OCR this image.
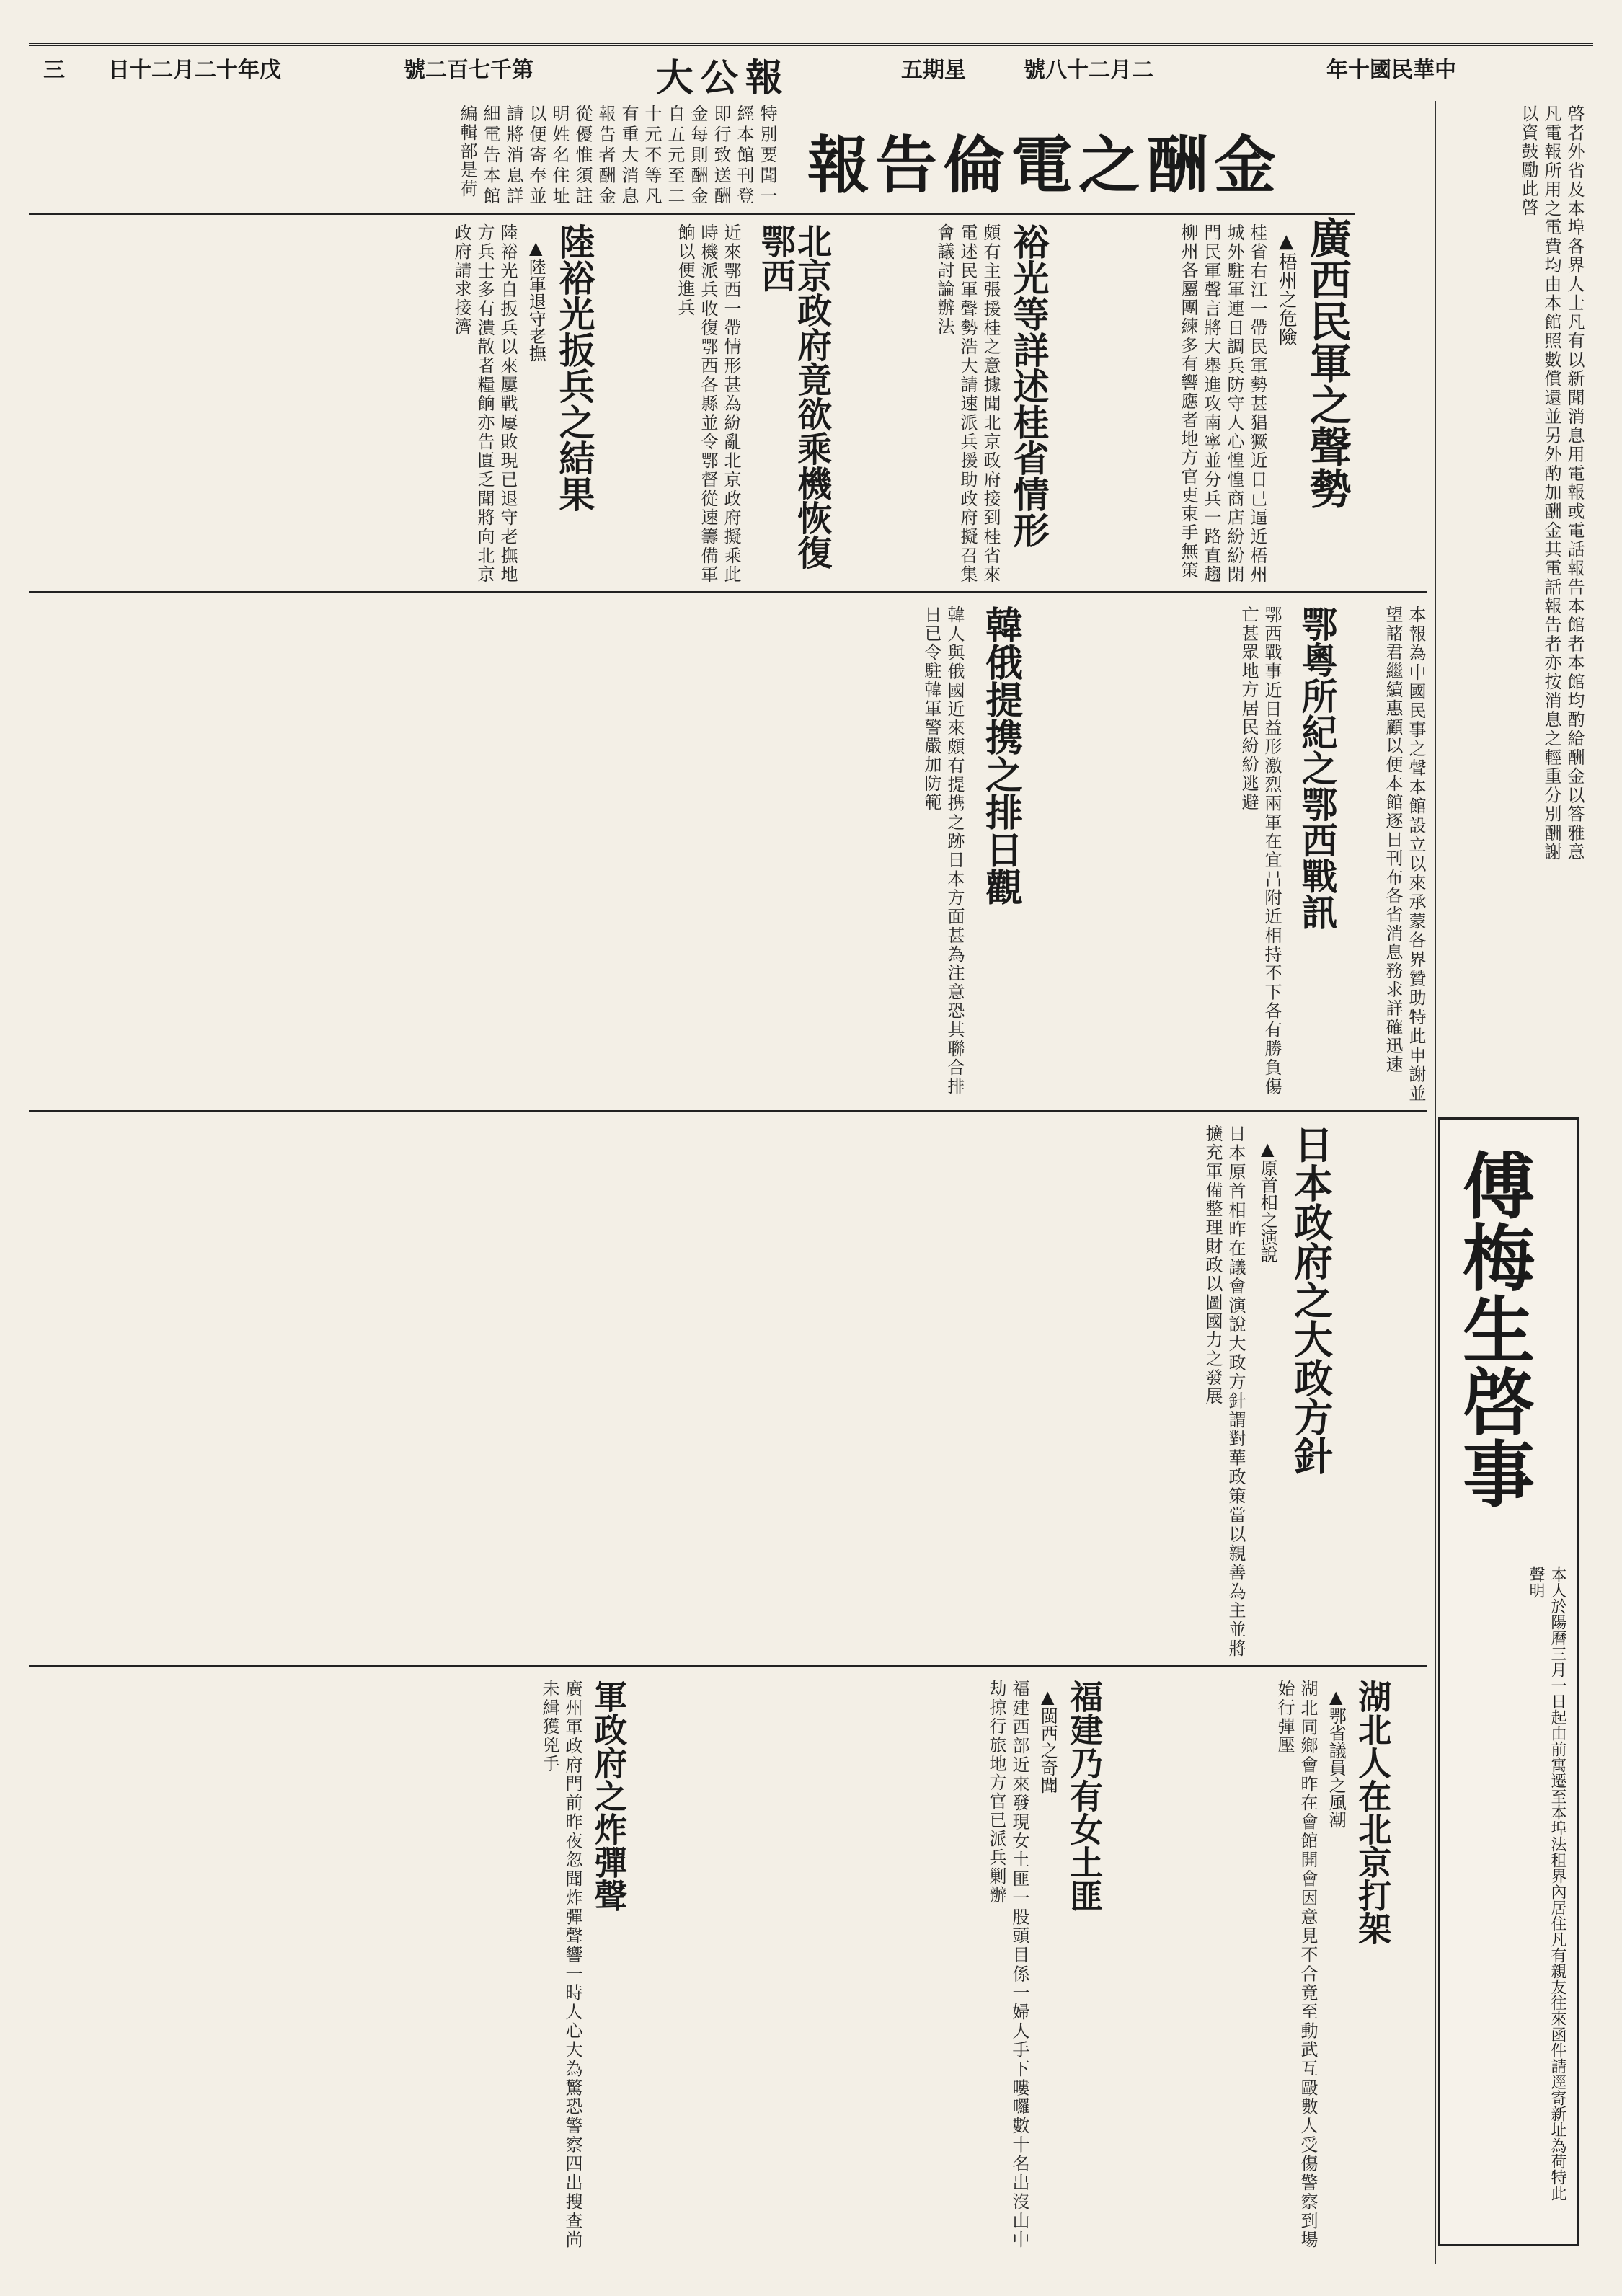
三 日十二月二十年戊	號二百七千第	大公報	五期星	號八十二月二	年十國民華中
報告倫電之酬金
特別要聞一經本館刊登即行致送酬金每則酬金自五元至二十元不等凡有重大消息報告者酬金從優惟須註明姓名住址以便寄奉並請將消息詳細電告本館編輯部是荷	啓者外省及本埠各界人士凡有以新聞消息用電報或電話報告本館者本館均酌給酬金以答雅意凡電報所用之電費均由本館照數償還並另外酌加酬金其電話報告者亦按消息之輕重分別酬謝以資鼓勵此啓
廣西民軍之聲勢
▲梧州之危險
桂省右江一帶民軍勢甚猖獗近日已逼近梧州城外駐軍連日調兵防守人心惶惶商店紛紛閉門民軍聲言將大舉進攻南寧並分兵一路直趨柳州各屬團練多有響應者地方官吏束手無策
裕光等詳述桂省情形
頗有主張援桂之意據聞北京政府接到桂省來電述民軍聲勢浩大請速派兵援助政府擬召集會議討論辦法
北京政府竟欲乘機恢復鄂西
近來鄂西一帶情形甚為紛亂北京政府擬乘此時機派兵收復鄂西各縣並令鄂督從速籌備軍餉以便進兵
陸裕光扳兵之結果
▲陸軍退守老撫
陸裕光自扳兵以來屢戰屢敗現已退守老撫地方兵士多有潰散者糧餉亦告匱乏聞將向北京政府請求接濟
本報為中國民事之聲本館設立以來承蒙各界贊助特此申謝並望諸君繼續惠顧以便本館逐日刊布各省消息務求詳確迅速
鄂粵所紀之鄂西戰訊
鄂西戰事近日益形激烈兩軍在宜昌附近相持不下各有勝負傷亡甚眾地方居民紛紛逃避
韓俄提携之排日觀
韓人與俄國近來頗有提携之跡日本方面甚為注意恐其聯合排日已令駐韓軍警嚴加防範
日本政府之大政方針
▲原首相之演說
日本原首相昨在議會演說大政方針謂對華政策當以親善為主並將擴充軍備整理財政以圖國力之發展
湖北人在北京打架
▲鄂省議員之風潮
湖北同鄉會昨在會館開會因意見不合竟至動武互毆數人受傷警察到場始行彈壓
福建乃有女土匪
▲閩西之奇聞
福建西部近來發現女土匪一股頭目係一婦人手下嘍囉數十名出沒山中劫掠行旅地方官已派兵剿辦
軍政府之炸彈聲
廣州軍政府門前昨夜忽聞炸彈聲響一時人心大為驚恐警察四出搜查尚未緝獲兇手
傅梅生啓事
本人於陽曆三月一日起由前寓遷至本埠法租界內居住凡有親友往來函件請逕寄新址為荷特此聲明
